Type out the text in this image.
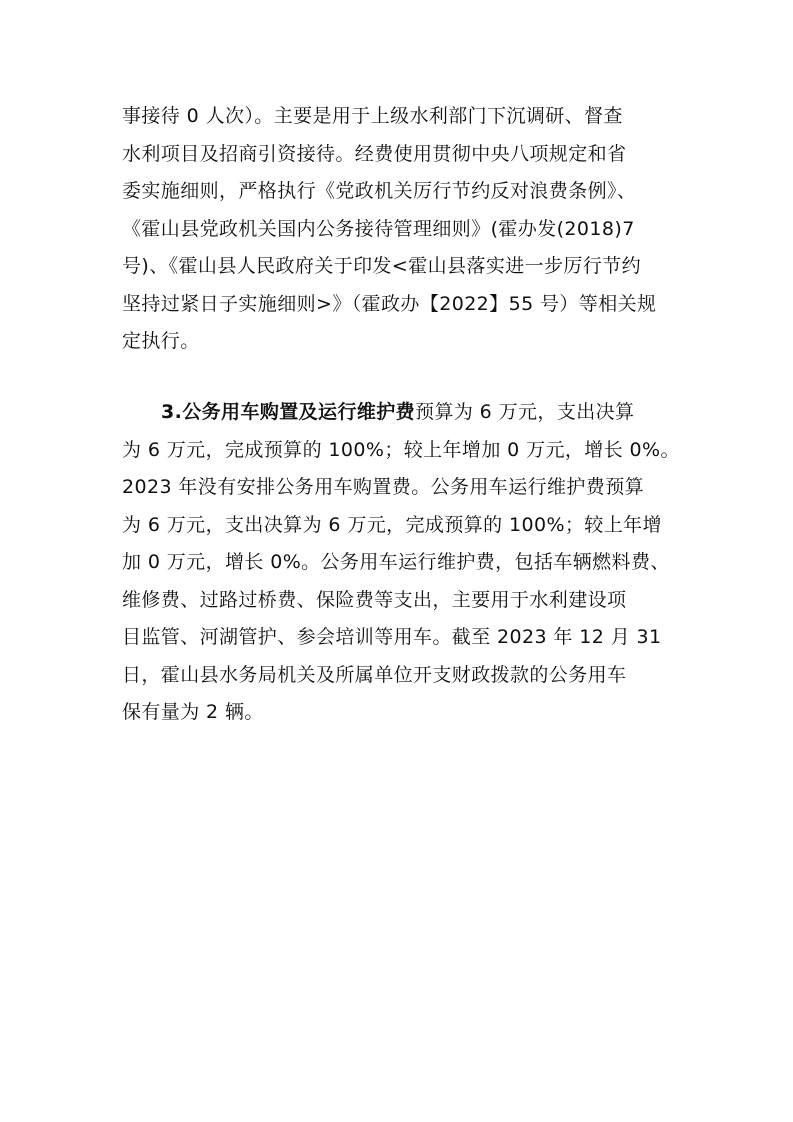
事接待 0 人次）。主要是用于上级水利部门下沉调研、督查
水利项目及招商引资接待。经费使用贯彻中央八项规定和省
委实施细则，严格执行《党政机关厉行节约反对浪费条例》、
《霍山县党政机关国内公务接待管理细则》(霍办发(2018)7
号)、《霍山县人民政府关于印发<霍山县落实进一步厉行节约
坚持过紧日子实施细则>》（霍政办【2022】55 号）等相关规
定执行。
3.公务用车购置及运行维护费预算为 6 万元，支出决算
为 6 万元，完成预算的 100%；较上年增加 0 万元，增长 0%。
2023 年没有安排公务用车购置费。公务用车运行维护费预算
为 6 万元，支出决算为 6 万元，完成预算的 100%；较上年增
加 0 万元，增长 0%。公务用车运行维护费，包括车辆燃料费、
维修费、过路过桥费、保险费等支出，主要用于水利建设项
目监管、河湖管护、参会培训等用车。截至 2023 年 12 月 31
日，霍山县水务局机关及所属单位开支财政拨款的公务用车
保有量为 2 辆。
